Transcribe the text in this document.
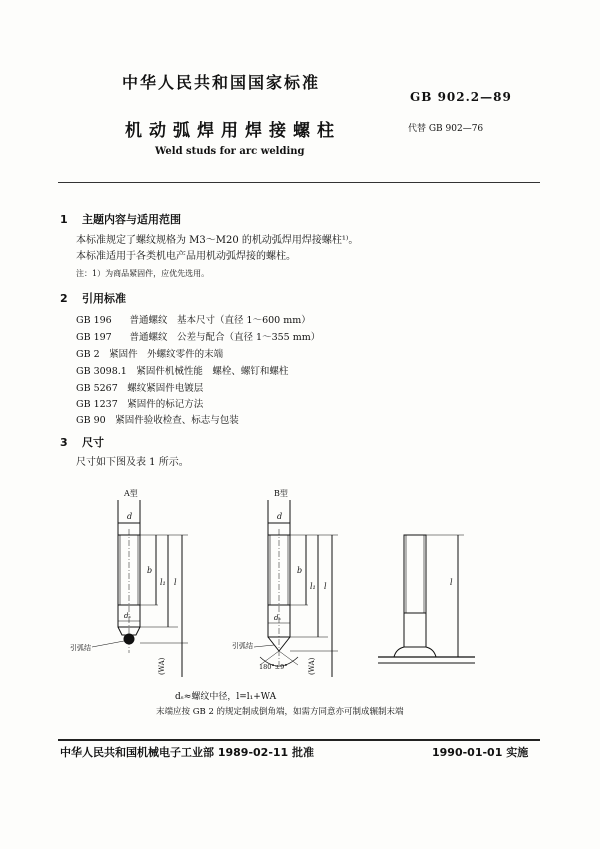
中华人民共和国国家标准
GB 902.2—89
机动弧焊用焊接螺柱	代替 GB 902—76
Weld studs for arc welding
1 主题内容与适用范围
本标准规定了螺纹规格为 M3～M20 的机动弧焊用焊接螺柱¹⁾。
本标准适用于各类机电产品用机动弧焊接的螺柱。
注：1）为商品紧固件，应优先选用。
2 引用标准
GB 196　 普通螺纹　基本尺寸（直径 1～600 mm）
GB 197　 普通螺纹　公差与配合（直径 1～355 mm）
GB 2　 紧固件　外螺纹零件的末端
GB 3098.1　 紧固件机械性能　螺栓、螺钉和螺柱
GB 5267　 螺纹紧固件电镀层
GB 1237　 紧固件的标记方法
GB 90　 紧固件验收检查、标志与包装
3 尺寸
尺寸如下图及表 1 所示。
A型
d
dₛ
引弧结
b
l₁ l
(WA)
B型
d
dₛ
引弧结
180°±9°
b
l₁ l
(WA)
l
dₛ≈螺纹中径，l=l₁+WA
末端应按 GB 2 的规定制成倒角端，如需方同意亦可制成辗制末端
中华人民共和国机械电子工业部 1989-02-11 批准	1990-01-01 实施
